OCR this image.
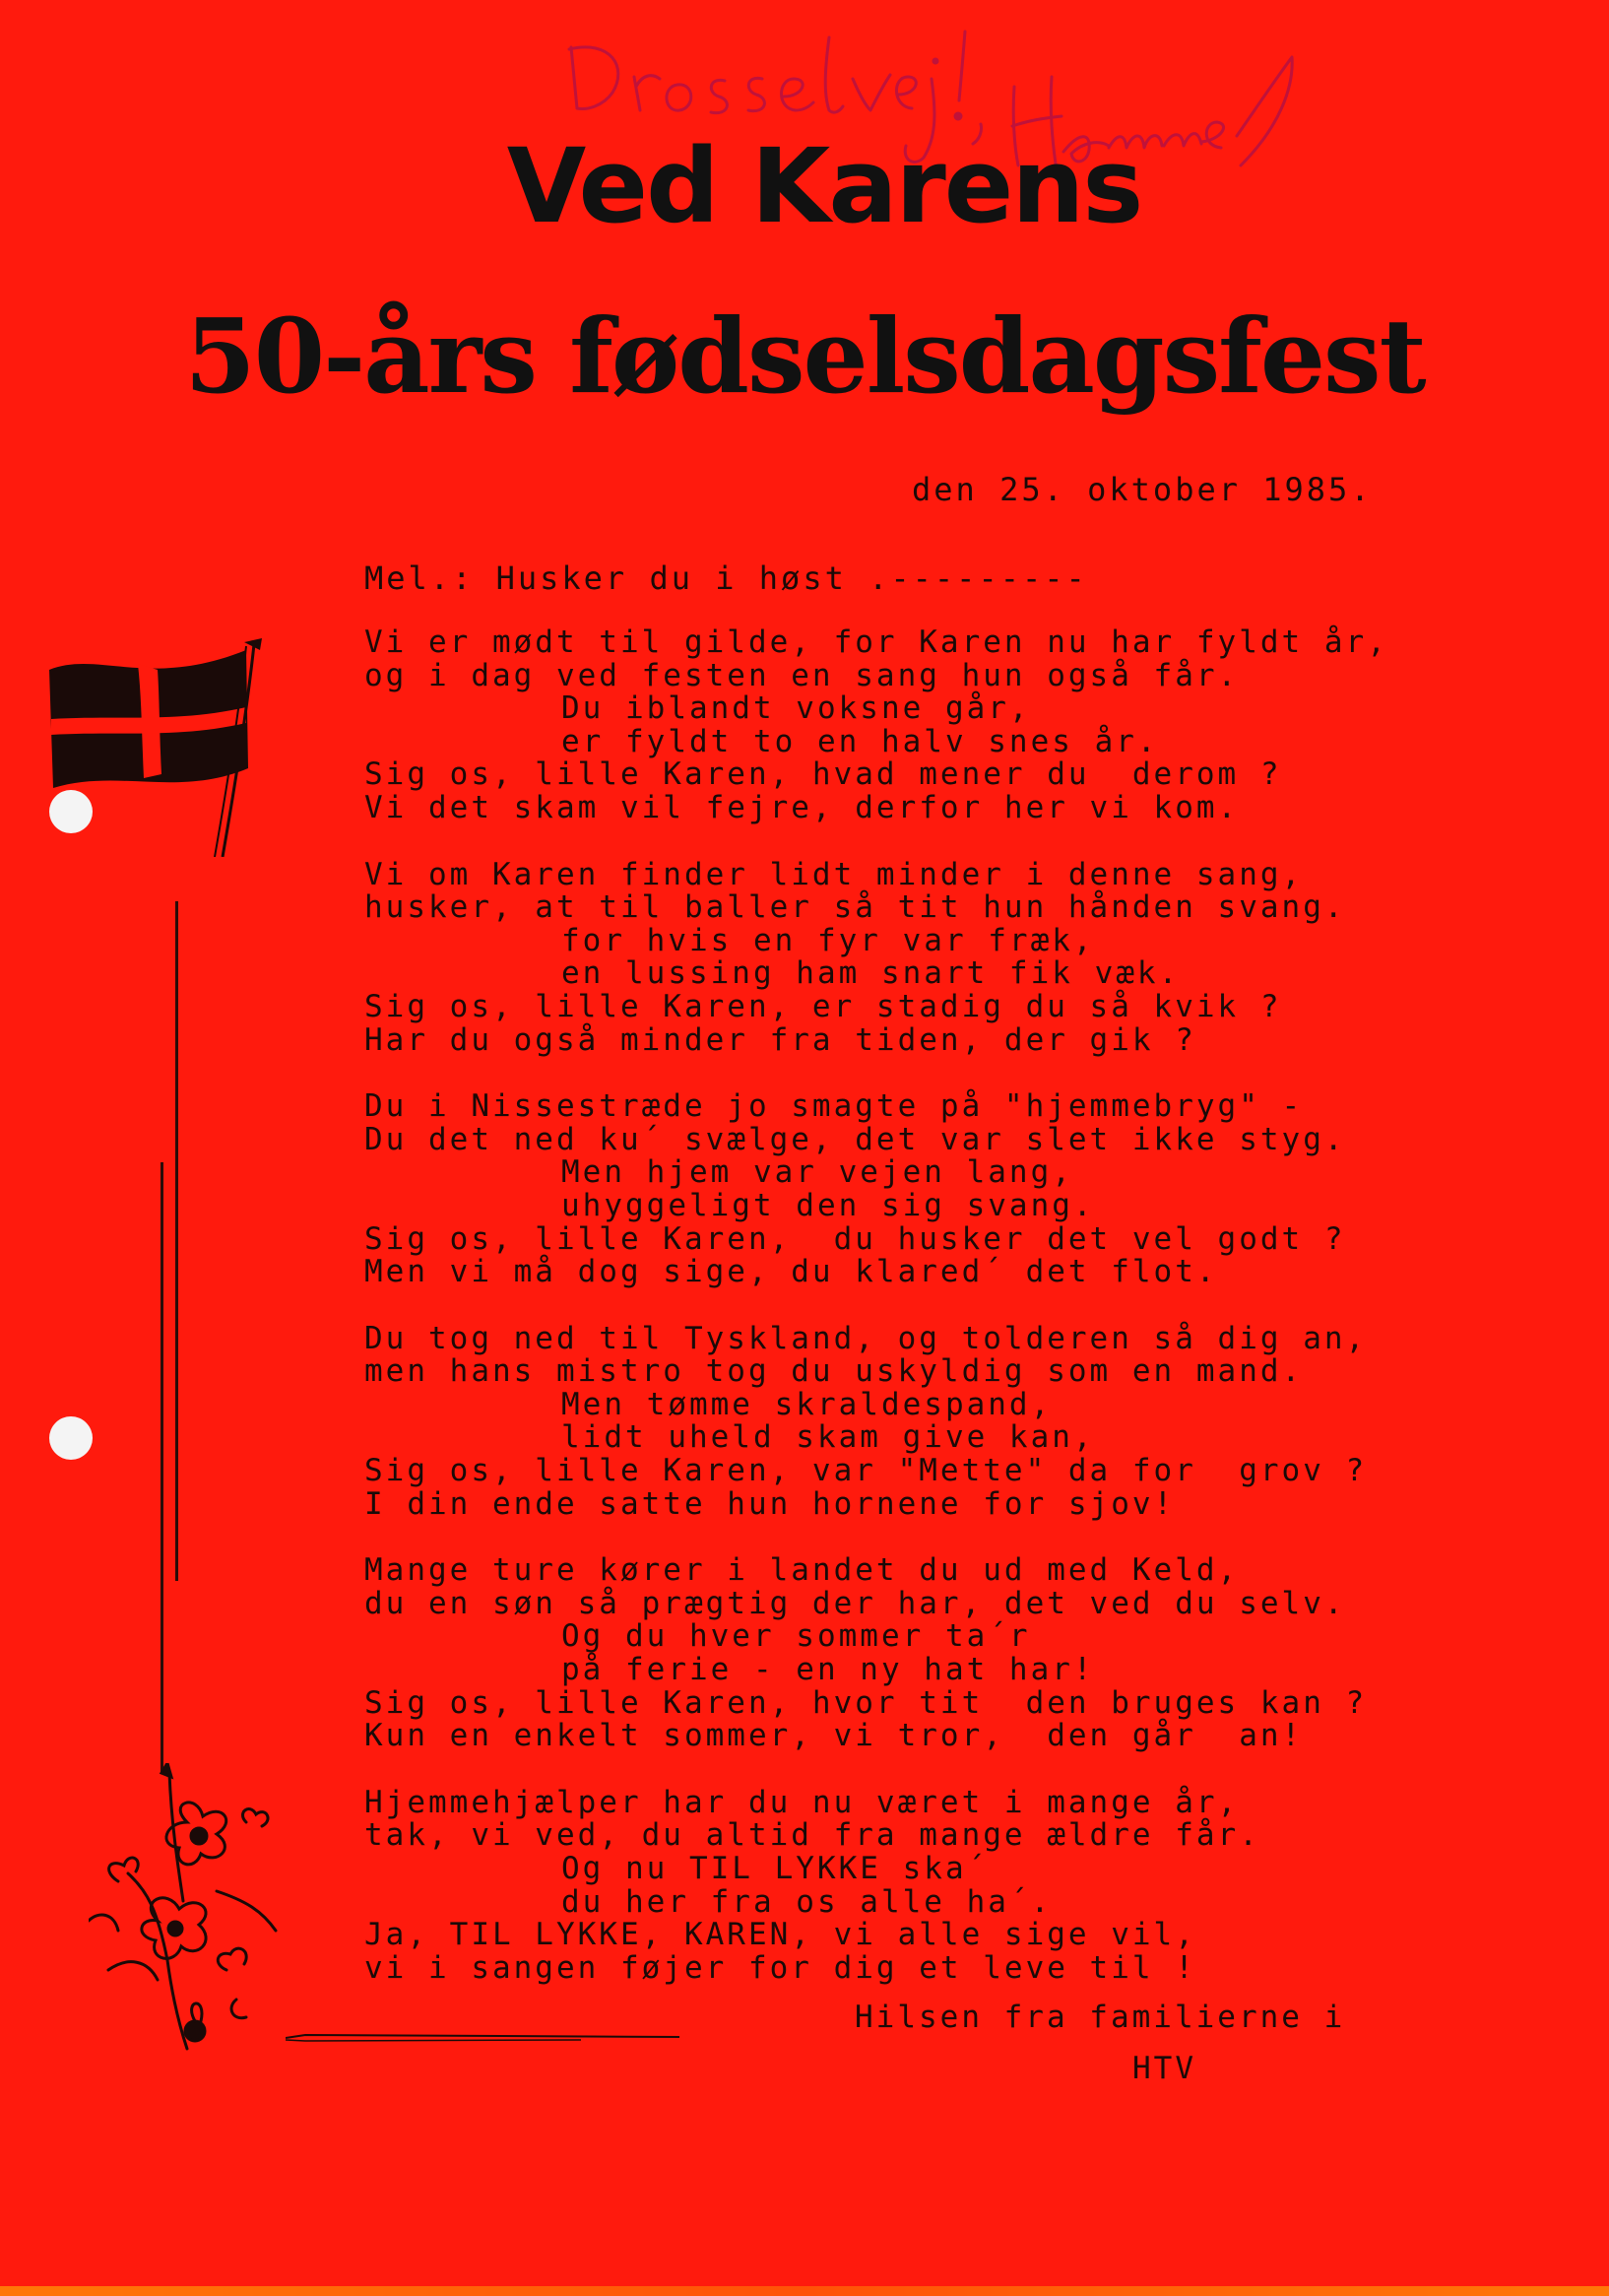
Ved Karens
50-års fødselsdagsfest
den 25. oktober 1985.
Mel.: Husker du i høst .---------
Vi er mødt til gilde, for Karen nu har fyldt år,
og i dag ved festen en sang hun også får.
Du iblandt voksne går,
er fyldt to en halv snes år.
Sig os, lille Karen, hvad mener du  derom ?
Vi det skam vil fejre, derfor her vi kom.
Vi om Karen finder lidt minder i denne sang,
husker, at til baller så tit hun hånden svang.
for hvis en fyr var fræk,
en lussing ham snart fik væk.
Sig os, lille Karen, er stadig du så kvik ?
Har du også minder fra tiden, der gik ?
Du i Nissestræde jo smagte på "hjemmebryg" -
Du det ned ku´ svælge, det var slet ikke styg.
Men hjem var vejen lang,
uhyggeligt den sig svang.
Sig os, lille Karen,  du husker det vel godt ?
Men vi må dog sige, du klared´ det flot.
Du tog ned til Tyskland, og tolderen så dig an,
men hans mistro tog du uskyldig som en mand.
Men tømme skraldespand,
lidt uheld skam give kan,
Sig os, lille Karen, var "Mette" da for  grov ?
I din ende satte hun hornene for sjov!
Mange ture kører i landet du ud med Keld,
du en søn så prægtig der har, det ved du selv.
Og du hver sommer ta´r
på ferie - en ny hat har!
Sig os, lille Karen, hvor tit  den bruges kan ?
Kun en enkelt sommer, vi tror,  den går  an!
Hjemmehjælper har du nu været i mange år,
tak, vi ved, du altid fra mange ældre får.
Og nu TIL LYKKE ska´
du her fra os alle ha´.
Ja, TIL LYKKE, KAREN, vi alle sige vil,
vi i sangen føjer for dig et leve til !
Hilsen fra familierne i
HTV
